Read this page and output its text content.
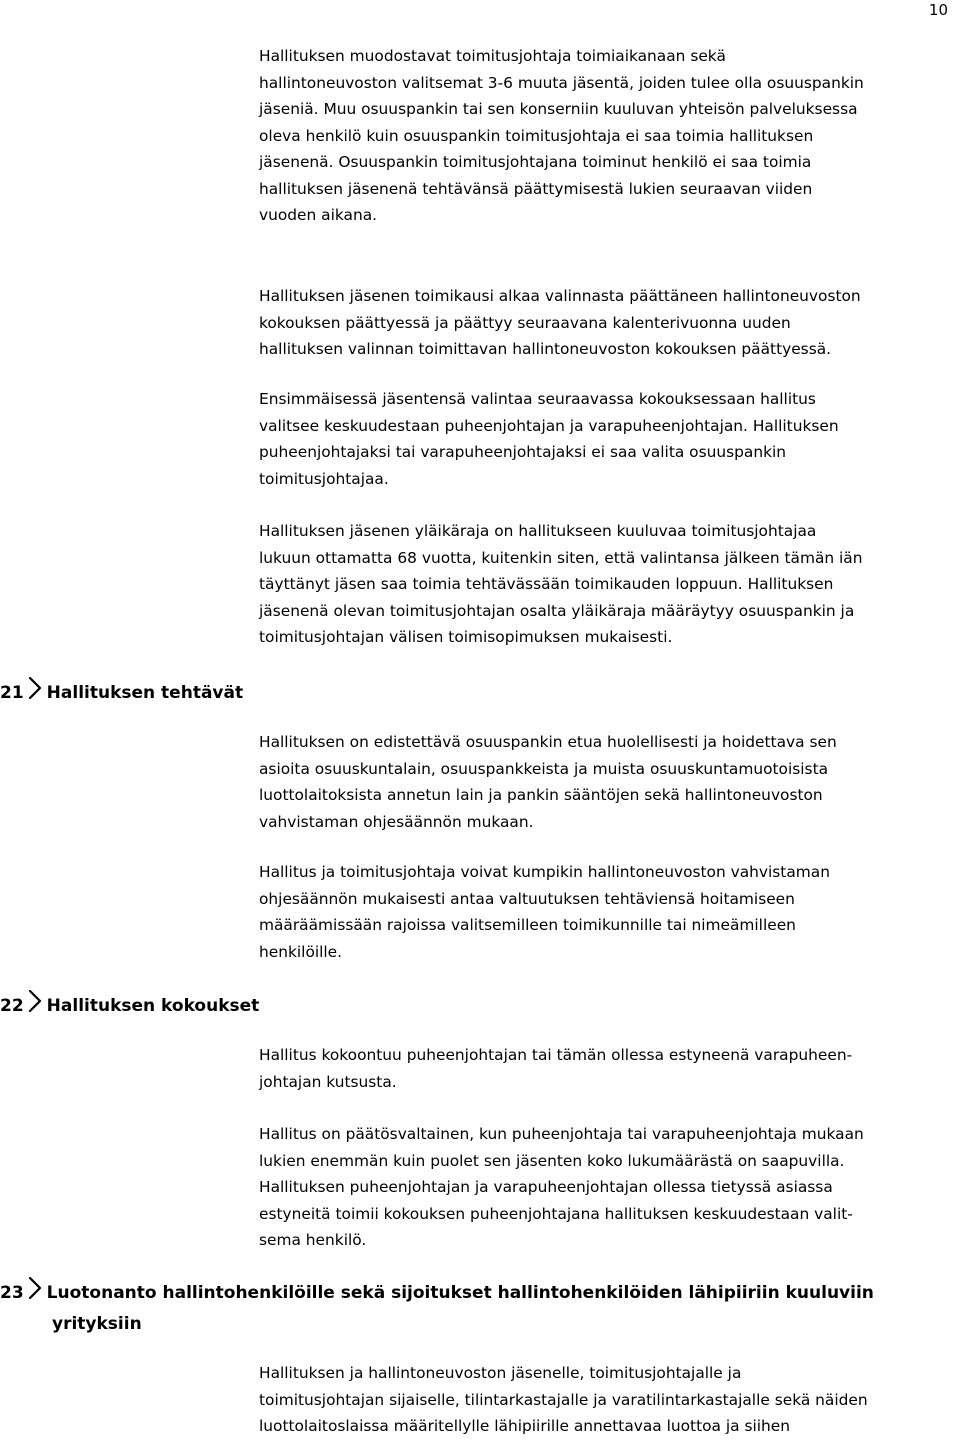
10

Hallituksen muodostavat toimitusjohtaja toimiaikanaan sekä
hallintoneuvoston valitsemat 3-6 muuta jäsentä, joiden tulee olla osuuspankin
jäseniä. Muu osuuspankin tai sen konserniin kuuluvan yhteisön palveluksessa
oleva henkilö kuin osuuspankin toimitusjohtaja ei saa toimia hallituksen
jäsenenä. Osuuspankin toimitusjohtajana toiminut henkilö ei saa toimia
hallituksen jäsenenä tehtävänsä päättymisestä lukien seuraavan viiden
vuoden aikana.

Hallituksen jäsenen toimikausi alkaa valinnasta päättäneen hallintoneuvoston
kokouksen päättyessä ja päättyy seuraavana kalenterivuonna uuden
hallituksen valinnan toimittavan hallintoneuvoston kokouksen päättyessä.

Ensimmäisessä jäsentensä valintaa seuraavassa kokouksessaan hallitus
valitsee keskuudestaan puheenjohtajan ja varapuheenjohtajan. Hallituksen
puheenjohtajaksi tai varapuheenjohtajaksi ei saa valita osuuspankin
toimitusjohtajaa.

Hallituksen jäsenen yläikäraja on hallitukseen kuuluvaa toimitusjohtajaa
lukuun ottamatta 68 vuotta, kuitenkin siten, että valintansa jälkeen tämän iän
täyttänyt jäsen saa toimia tehtävässään toimikauden loppuun. Hallituksen
jäsenenä olevan toimitusjohtajan osalta yläikäraja määräytyy osuuspankin ja
toimitusjohtajan välisen toimisopimuksen mukaisesti.

21 Hallituksen tehtävät

Hallituksen on edistettävä osuuspankin etua huolellisesti ja hoidettava sen
asioita osuuskuntalain, osuuspankkeista ja muista osuuskuntamuotoisista
luottolaitoksista annetun lain ja pankin sääntöjen sekä hallintoneuvoston
vahvistaman ohjesäännön mukaan.

Hallitus ja toimitusjohtaja voivat kumpikin hallintoneuvoston vahvistaman
ohjesäännön mukaisesti antaa valtuutuksen tehtäviensä hoitamiseen
määräämissään rajoissa valitsemilleen toimikunnille tai nimeämilleen
henkilöille.

22 Hallituksen kokoukset

Hallitus kokoontuu puheenjohtajan tai tämän ollessa estyneenä varapuheen-
johtajan kutsusta.

Hallitus on päätösvaltainen, kun puheenjohtaja tai varapuheenjohtaja mukaan
lukien enemmän kuin puolet sen jäsenten koko lukumäärästä on saapuvilla.
Hallituksen puheenjohtajan ja varapuheenjohtajan ollessa tietyssä asiassa
estyneitä toimii kokouksen puheenjohtajana hallituksen keskuudestaan valit-
sema henkilö.

23 Luotonanto hallintohenkilöille sekä sijoitukset hallintohenkilöiden lähipiiriin kuuluviin
yrityksiin

Hallituksen ja hallintoneuvoston jäsenelle, toimitusjohtajalle ja
toimitusjohtajan sijaiselle, tilintarkastajalle ja varatilintarkastajalle sekä näiden
luottolaitoslaissa määritellylle lähipiirille annettavaa luottoa ja siihen
